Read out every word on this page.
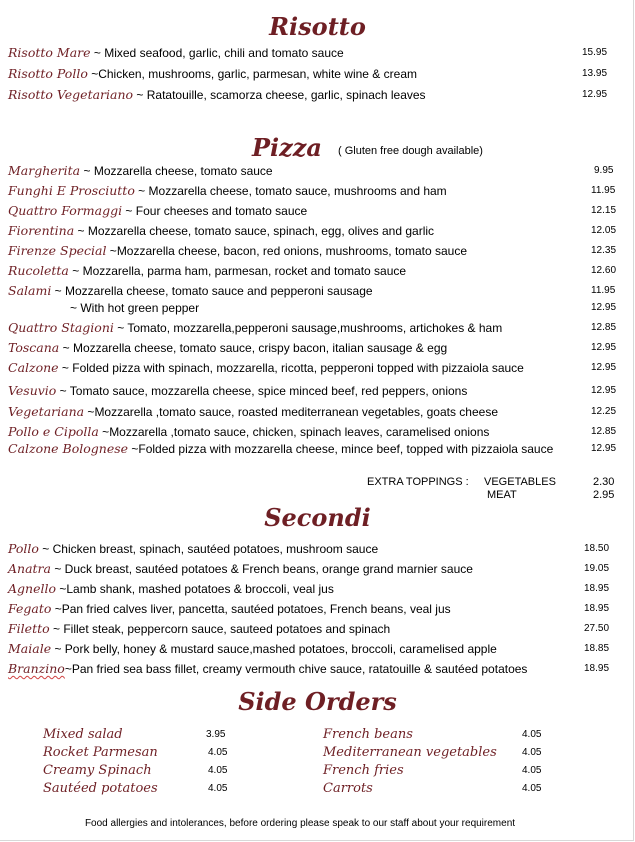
Risotto
Risotto Mare ~ Mixed seafood, garlic, chili and tomato sauce	15.95
Risotto Pollo ~Chicken, mushrooms, garlic, parmesan, white wine & cream	13.95
Risotto Vegetariano ~ Ratatouille, scamorza cheese, garlic, spinach leaves	12.95
Pizza ( Gluten free dough available)
Margherita ~ Mozzarella cheese, tomato sauce	9.95
Funghi E Prosciutto ~ Mozzarella cheese, tomato sauce, mushrooms and ham	11.95
Quattro Formaggi ~ Four cheeses and tomato sauce	12.15
Fiorentina ~ Mozzarella cheese, tomato sauce, spinach, egg, olives and garlic	12.05
Firenze Special ~Mozzarella cheese, bacon, red onions, mushrooms, tomato sauce	12.35
Rucoletta ~ Mozzarella, parma ham, parmesan, rocket and tomato sauce	12.60
Salami ~ Mozzarella cheese, tomato sauce and pepperoni sausage	11.95
~ With hot green pepper	12.95
Quattro Stagioni ~ Tomato, mozzarella,pepperoni sausage,mushrooms, artichokes & ham	12.85
Toscana ~ Mozzarella cheese, tomato sauce, crispy bacon, italian sausage & egg	12.95
Calzone ~ Folded pizza with spinach, mozzarella, ricotta, pepperoni topped with pizzaiola sauce	12.95
Vesuvio ~ Tomato sauce, mozzarella cheese, spice minced beef, red peppers, onions	12.95
Vegetariana ~Mozzarella ,tomato sauce, roasted mediterranean vegetables, goats cheese	12.25
Pollo e Cipolla ~Mozzarella ,tomato sauce, chicken, spinach leaves, caramelised onions	12.85
Calzone Bolognese ~Folded pizza with mozzarella cheese, mince beef, topped with pizzaiola sauce	12.95
EXTRA TOPPINGS : VEGETABLES	2.30
MEAT	2.95
Secondi
Pollo ~ Chicken breast, spinach, sautéed potatoes, mushroom sauce	18.50
Anatra ~ Duck breast, sautéed potatoes & French beans, orange grand marnier sauce	19.05
Agnello ~Lamb shank, mashed potatoes & broccoli, veal jus	18.95
Fegato ~Pan fried calves liver, pancetta, sautéed potatoes, French beans, veal jus	18.95
Filetto ~ Fillet steak, peppercorn sauce, sauteed potatoes and spinach	27.50
Maiale ~ Pork belly, honey & mustard sauce,mashed potatoes, broccoli, caramelised apple	18.85
Branzino~Pan fried sea bass fillet, creamy vermouth chive sauce, ratatouille & sautéed potatoes	18.95
Side Orders
Mixed salad	3.95
Rocket Parmesan	4.05
Creamy Spinach	4.05
Sautéed potatoes	4.05
French beans	4.05
Mediterranean vegetables	4.05
French fries	4.05
Carrots	4.05
Food allergies and intolerances, before ordering please speak to our staff about your requirement
